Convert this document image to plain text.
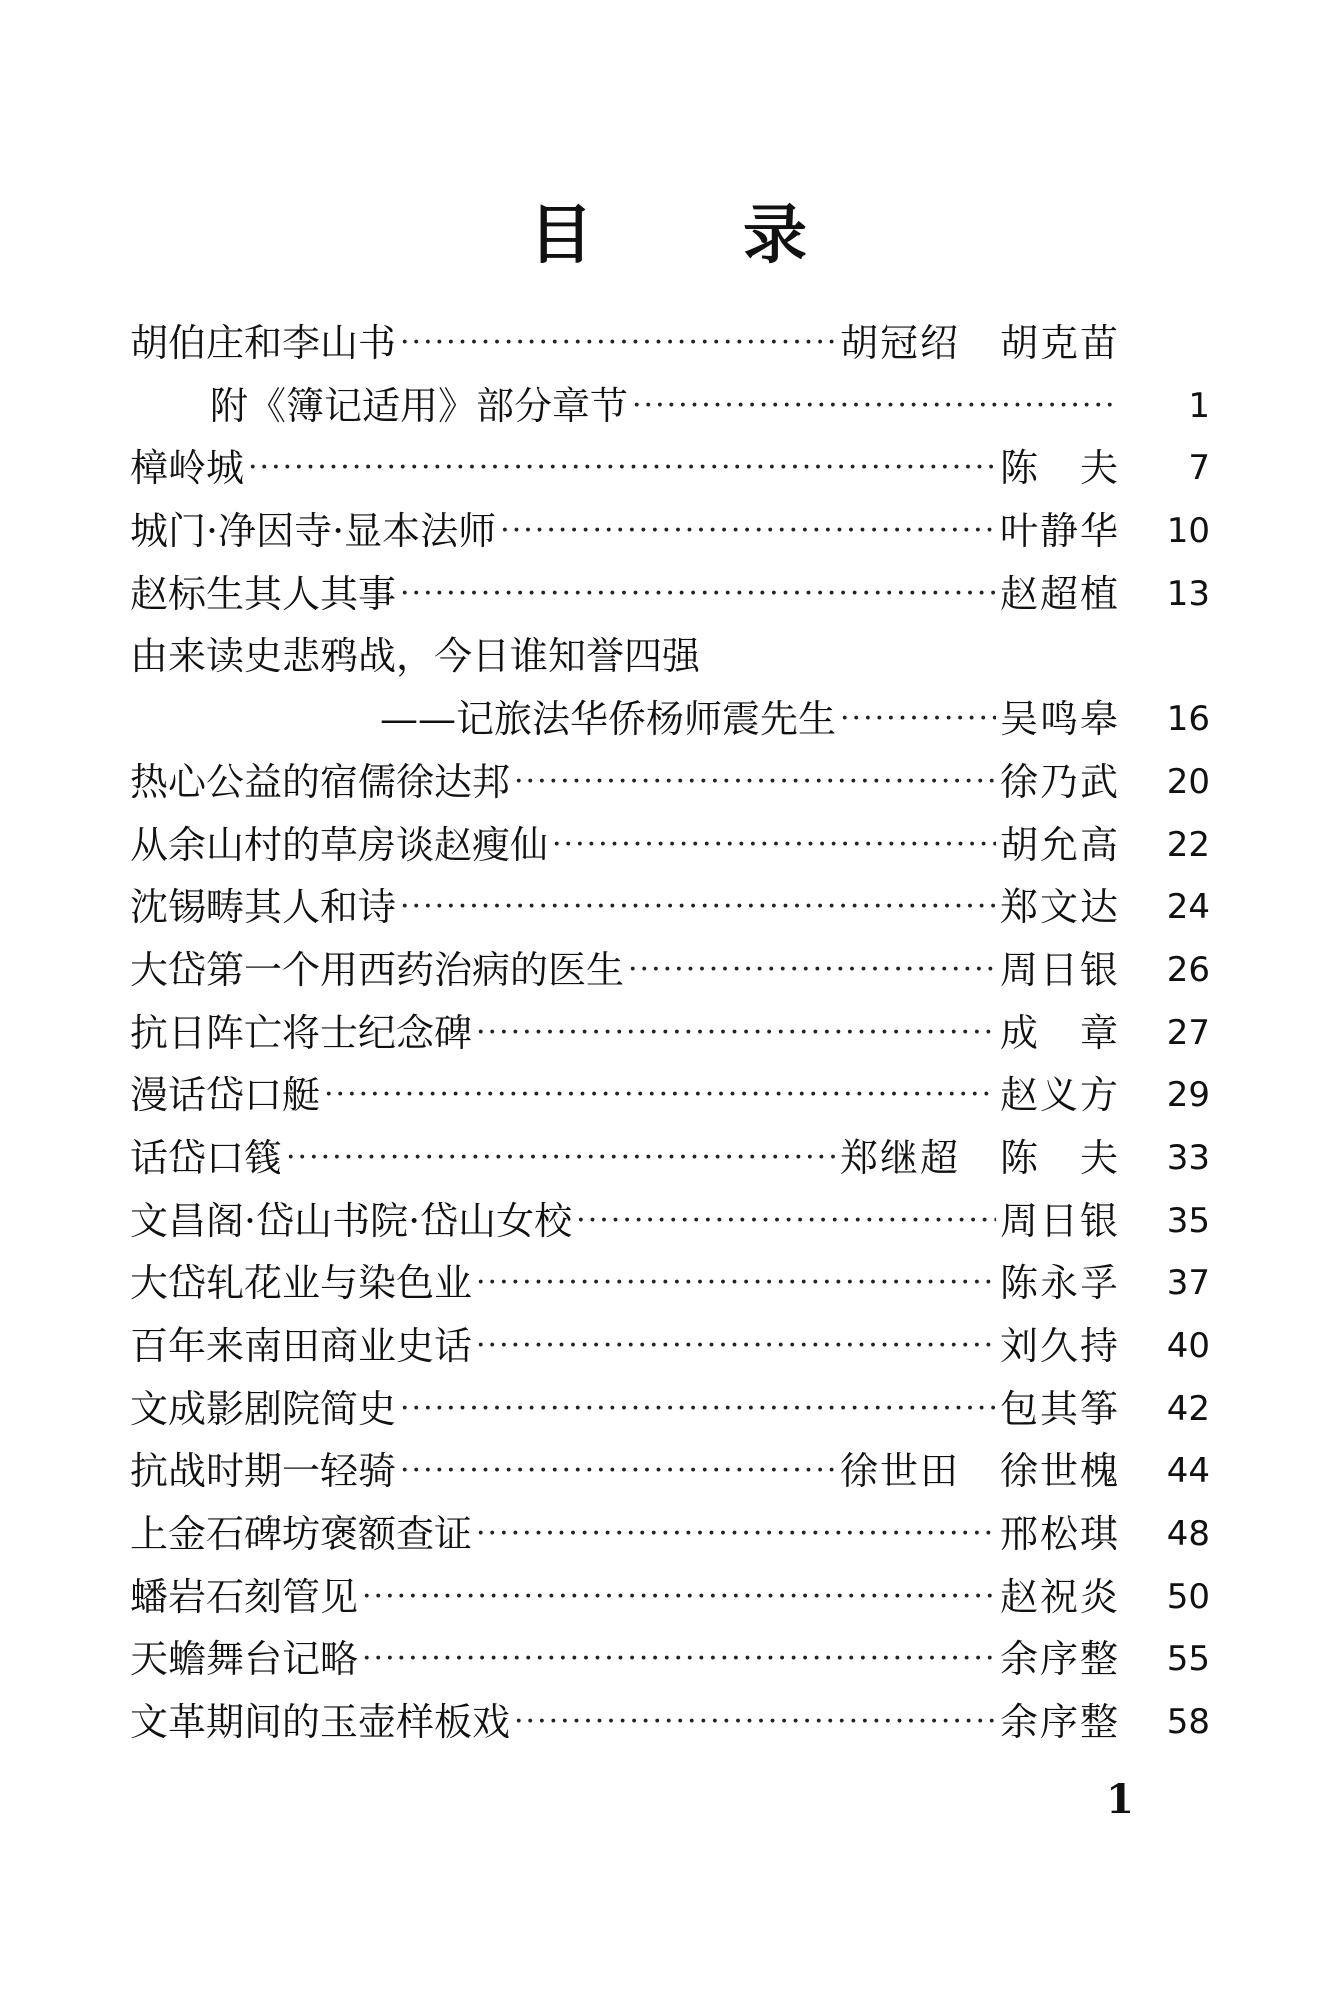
目录
胡伯庄和李山书 ·····	胡冠绍　胡克苗
附《簿记适用》部分章节 ·····	1
樟岭城 ·····	陈　夫	7
城门·净因寺·显本法师 ·····	叶静华	10
赵标生其人其事 ·····	赵超植	13
由来读史悲鸦战，今日谁知誉四强
——记旅法华侨杨师震先生 ·····	吴鸣皋	16
热心公益的宿儒徐达邦 ·····	徐乃武	20
从余山村的草房谈赵瘦仙 ·····	胡允高	22
沈锡畴其人和诗 ·····	郑文达	24
大岱第一个用西药治病的医生 ·····	周日银	26
抗日阵亡将士纪念碑 ·····	成　章	27
漫话岱口艇 ·····	赵义方	29
话岱口篯 ·····	郑继超　陈　夫	33
文昌阁·岱山书院·岱山女校 ·····	周日银	35
大岱轧花业与染色业 ·····	陈永孚	37
百年来南田商业史话 ·····	刘久持	40
文成影剧院简史 ·····	包其筝	42
抗战时期一轻骑 ·····	徐世田　徐世槐	44
上金石碑坊褒额查证 ·····	邢松琪	48
蟠岩石刻管见 ·····	赵祝炎	50
天蟾舞台记略 ·····	余序整	55
文革期间的玉壶样板戏 ·····	余序整	58
1
